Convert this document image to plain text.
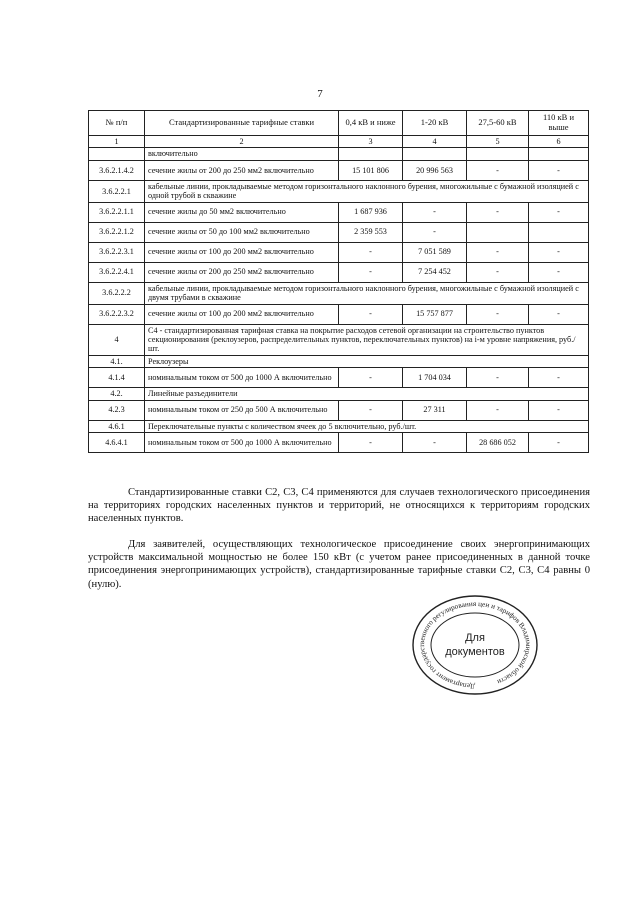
7
№ п/п	Стандартизированные тарифные ставки	0,4 кВ и ниже	1-20 кВ	27,5-60 кВ	110 кВ и выше
1	2	3	4	5	6
	включительно				
3.6.2.1.4.2	сечение жилы от 200 до 250 мм2 включительно	15 101 806	20 996 563	-	-
3.6.2.2.1	кабельные линии, прокладываемые методом горизонтального наклонного бурения, многожильные с бумажной изоляцией с одной трубой в скважине				
3.6.2.2.1.1	сечение жилы до 50 мм2 включительно	1 687 936	-	-	-
3.6.2.2.1.2	сечение жилы от 50 до 100 мм2 включительно	2 359 553	-		
3.6.2.2.3.1	сечение жилы от 100 до 200 мм2 включительно	-	7 051 589	-	-
3.6.2.2.4.1	сечение жилы от 200 до 250 мм2 включительно	-	7 254 452	-	-
3.6.2.2.2	кабельные линии, прокладываемые методом горизонтального наклонного бурения, многожильные с бумажной изоляцией с двумя трубами в скважине				
3.6.2.2.3.2	сечение жилы от 100 до 200 мм2 включительно	-	15 757 877	-	-
4	C4 - стандартизированная тарифная ставка на покрытие расходов сетевой организации на строительство пунктов секционирования (реклоузеров, распределительных пунктов, переключательных пунктов) на i-м уровне напряжения, руб./шт.				
4.1.	Реклоузеры				
4.1.4	номинальным током от 500 до 1000 А включительно	-	1 704 034	-	-
4.2.	Линейные разъединители				
4.2.3	номинальным током от 250 до 500 А включительно	-	27 311	-	-
4.6.1	Переключательные пункты с количеством ячеек до 5 включительно, руб./шт.				
4.6.4.1	номинальным током от 500 до 1000 А включительно	-	-	28 686 052	-
Стандартизированные ставки C2, C3, C4 применяются для случаев технологического присоединения на территориях городских населенных пунктов и территорий, не относящихся к территориям городских населенных пунктов.
Для заявителей, осуществляющих технологическое присоединение своих энергопринимающих устройств максимальной мощностью не более 150 кВт (с учетом ранее присоединенных в данной точке присоединения энергопринимающих устройств), стандартизированные тарифные ставки C2, C3, C4 равны 0 (нулю).
Департамент государственного регулирования цен и тарифов Владимирской области
Для
документов
